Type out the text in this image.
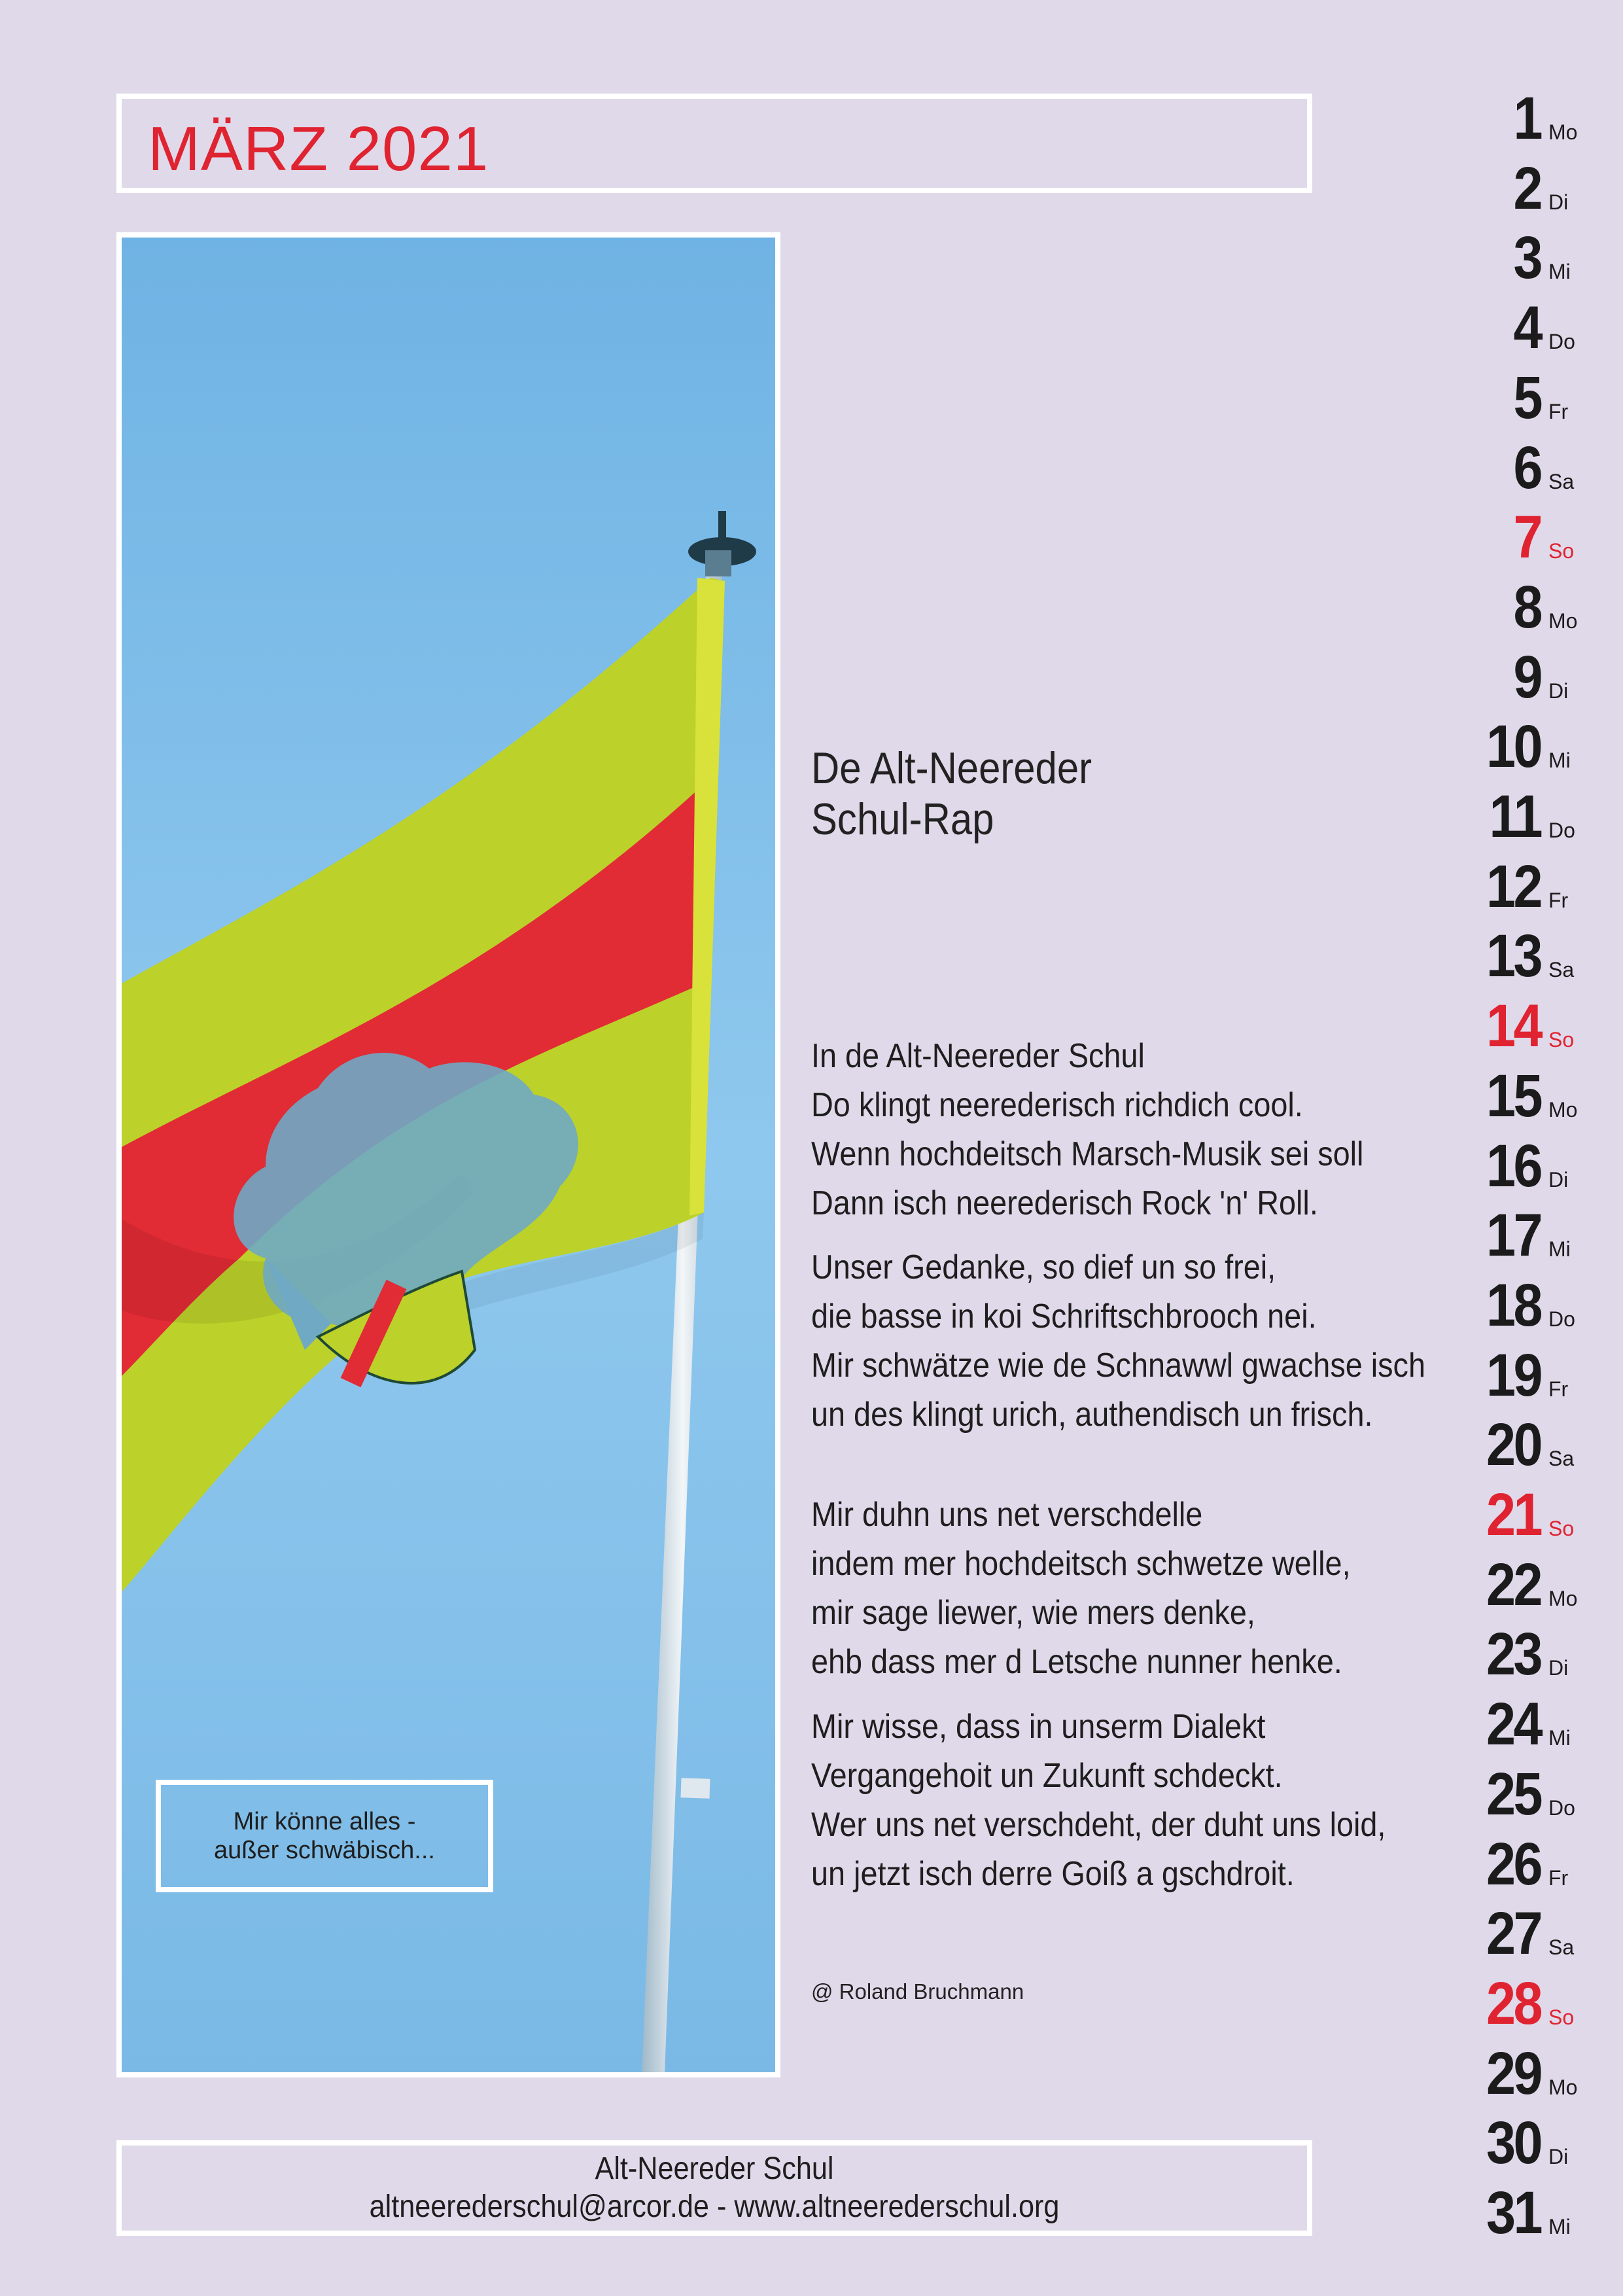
MÄRZ 2021
Mir könne alles -
außer schwäbisch...
De Alt-Neereder
Schul-Rap
In de Alt-Neereder Schul
Do klingt neerederisch richdich cool.
Wenn hochdeitsch Marsch-Musik sei soll
Dann isch neerederisch Rock 'n' Roll.
Unser Gedanke, so dief un so frei,
die basse in koi Schriftschbrooch nei.
Mir schwätze wie de Schnawwl gwachse isch
un des klingt urich, authendisch un frisch.
Mir duhn uns net verschdelle
indem mer hochdeitsch schwetze welle,
mir sage liewer, wie mers denke,
ehb dass mer d Letsche nunner henke.
Mir wisse, dass in unserm Dialekt
Vergangehoit un Zukunft schdeckt.
Wer uns net verschdeht, der duht uns loid,
un jetzt isch derre Goiß a gschdroit.
@ Roland Bruchmann
Alt-Neereder Schul
altneerederschul@arcor.de - www.altneerederschul.org
1 Mo
2 Di
3 Mi
4 Do
5 Fr
6 Sa
7 So
8 Mo
9 Di
10 Mi
11 Do
12 Fr
13 Sa
14 So
15 Mo
16 Di
17 Mi
18 Do
19 Fr
20 Sa
21 So
22 Mo
23 Di
24 Mi
25 Do
26 Fr
27 Sa
28 So
29 Mo
30 Di
31 Mi
